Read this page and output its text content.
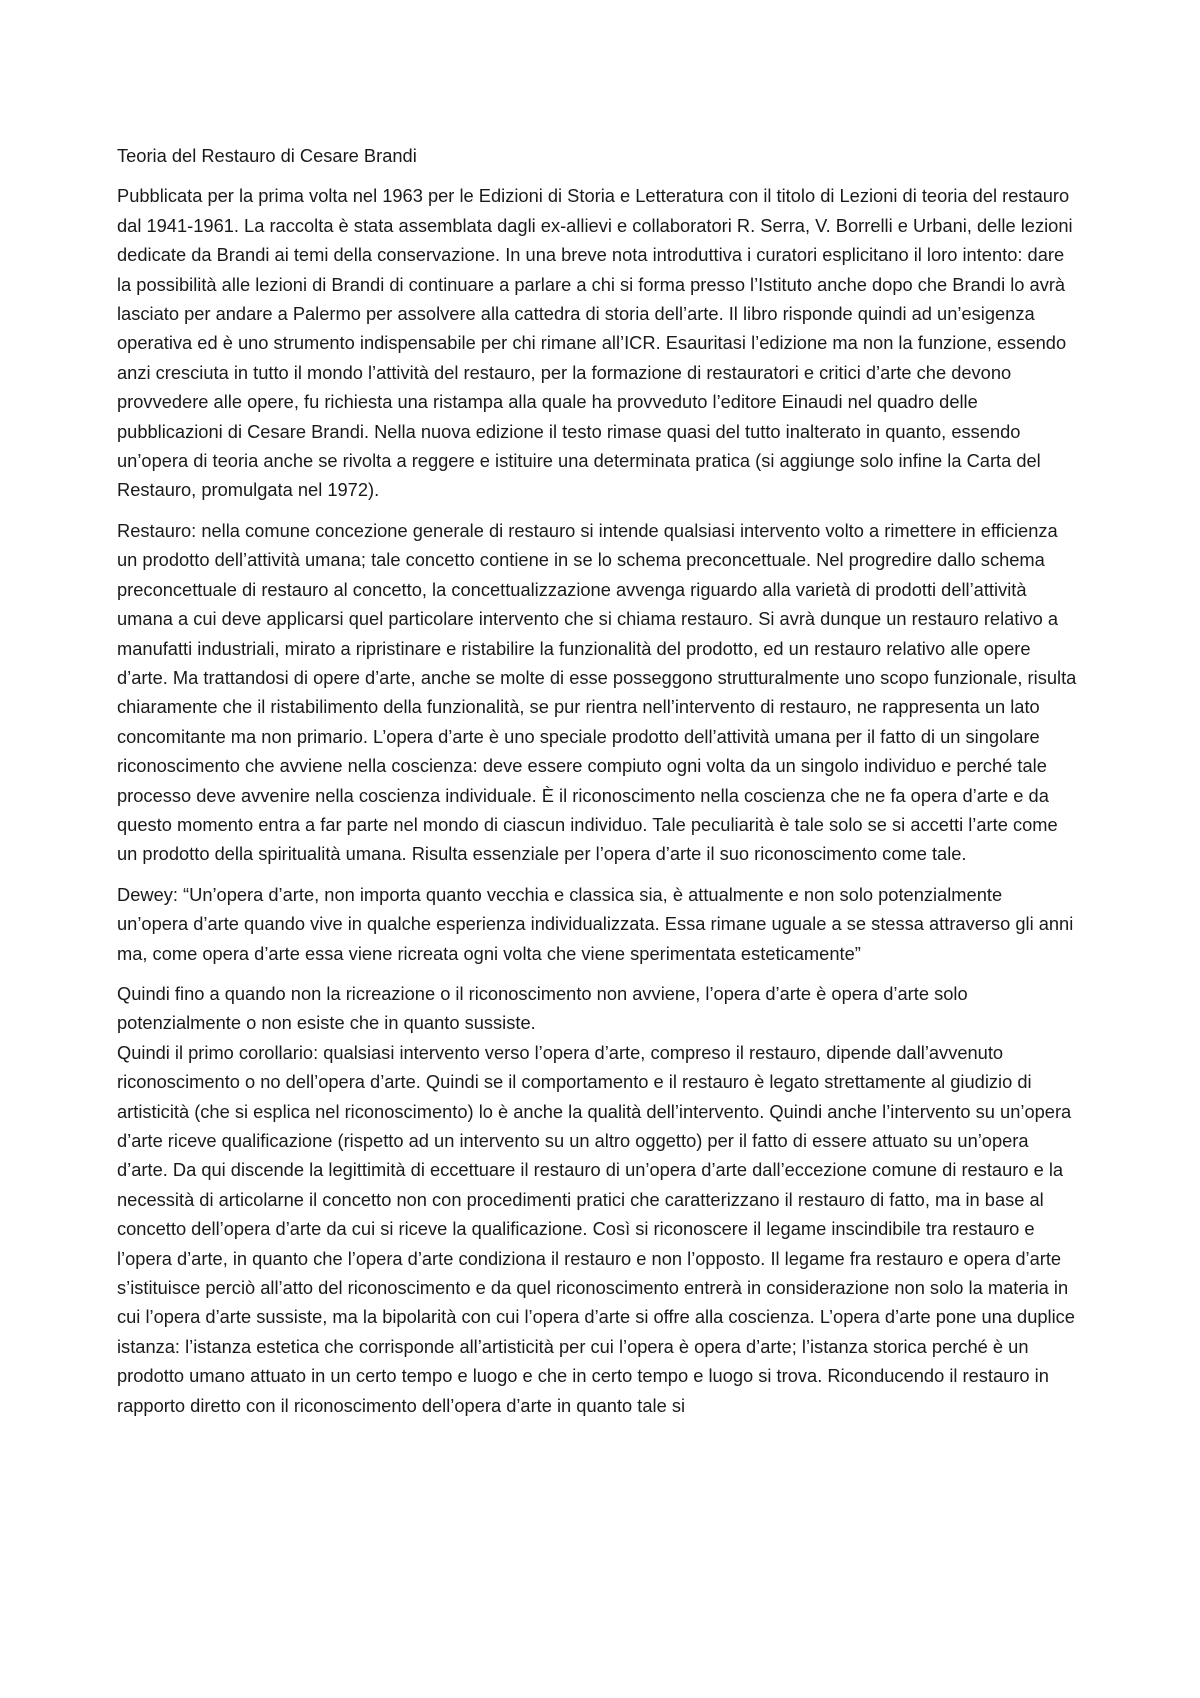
Teoria del Restauro di Cesare Brandi

Pubblicata per la prima volta nel 1963 per le Edizioni di Storia e Letteratura con il titolo di Lezioni di teoria del restauro dal 1941-1961. La raccolta è stata assemblata dagli ex-allievi e collaboratori R. Serra, V. Borrelli e Urbani, delle lezioni dedicate da Brandi ai temi della conservazione. In una breve nota introduttiva i curatori esplicitano il loro intento: dare la possibilità alle lezioni di Brandi di continuare a parlare a chi si forma presso l’Istituto anche dopo che Brandi lo avrà lasciato per andare a Palermo per assolvere alla cattedra di storia dell’arte. Il libro risponde quindi ad un’esigenza operativa ed è uno strumento indispensabile per chi rimane all’ICR. Esauritasi l’edizione ma non la funzione, essendo anzi cresciuta in tutto il mondo l’attività del restauro, per la formazione di restauratori e critici d’arte che devono provvedere alle opere, fu richiesta una ristampa alla quale ha provveduto l’editore Einaudi nel quadro delle pubblicazioni di Cesare Brandi. Nella nuova edizione il testo rimase quasi del tutto inalterato in quanto, essendo un’opera di teoria anche se rivolta a reggere e istituire una determinata pratica (si aggiunge solo infine la Carta del Restauro, promulgata nel 1972).

Restauro: nella comune concezione generale di restauro si intende qualsiasi intervento volto a rimettere in efficienza un prodotto dell’attività umana; tale concetto contiene in se lo schema preconcettuale. Nel progredire dallo schema preconcettuale di restauro al concetto, la concettualizzazione avvenga riguardo alla varietà di prodotti dell’attività umana a cui deve applicarsi quel particolare intervento che si chiama restauro. Si avrà dunque un restauro relativo a manufatti industriali, mirato a ripristinare e ristabilire la funzionalità del prodotto, ed un restauro relativo alle opere d’arte. Ma trattandosi di opere d’arte, anche se molte di esse posseggono strutturalmente uno scopo funzionale, risulta chiaramente che il ristabilimento della funzionalità, se pur rientra nell’intervento di restauro, ne rappresenta un lato concomitante ma non primario. L’opera d’arte è uno speciale prodotto dell’attività umana per il fatto di un singolare riconoscimento che avviene nella coscienza: deve essere compiuto ogni volta da un singolo individuo e perché tale processo deve avvenire nella coscienza individuale. È il riconoscimento nella coscienza che ne fa opera d’arte e da questo momento entra a far parte nel mondo di ciascun individuo. Tale peculiarità è tale solo se si accetti l’arte come un prodotto della spiritualità umana. Risulta essenziale per l’opera d’arte il suo riconoscimento come tale.

Dewey: “Un’opera d’arte, non importa quanto vecchia e classica sia, è attualmente e non solo potenzialmente un’opera d’arte quando vive in qualche esperienza individualizzata. Essa rimane uguale a se stessa attraverso gli anni ma, come opera d’arte essa viene ricreata ogni volta che viene sperimentata esteticamente”

Quindi fino a quando non la ricreazione o il riconoscimento non avviene, l’opera d’arte è opera d’arte solo potenzialmente o non esiste che in quanto sussiste.

Quindi il primo corollario: qualsiasi intervento verso l’opera d’arte, compreso il restauro, dipende dall’avvenuto riconoscimento o no dell’opera d’arte. Quindi se il comportamento e il restauro è legato strettamente al giudizio di artisticità (che si esplica nel riconoscimento) lo è anche la qualità dell’intervento. Quindi anche l’intervento su un’opera d’arte riceve qualificazione (rispetto ad un intervento su un altro oggetto) per il fatto di essere attuato su un’opera d’arte. Da qui discende la legittimità di eccettuare il restauro di un’opera d’arte dall’eccezione comune di restauro e la necessità di articolarne il concetto non con procedimenti pratici che caratterizzano il restauro di fatto, ma in base al concetto dell’opera d’arte da cui si riceve la qualificazione. Così si riconoscere il legame inscindibile tra restauro e l’opera d’arte, in quanto che l’opera d’arte condiziona il restauro e non l’opposto. Il legame fra restauro e opera d’arte s’istituisce perciò all’atto del riconoscimento e da quel riconoscimento entrerà in considerazione non solo la materia in cui l’opera d’arte sussiste, ma la bipolarità con cui l’opera d’arte si offre alla coscienza. L’opera d’arte pone una duplice istanza: l’istanza estetica che corrisponde all’artisticità per cui l’opera è opera d’arte; l’istanza storica perché è un prodotto umano attuato in un certo tempo e luogo e che in certo tempo e luogo si trova. Riconducendo il restauro in rapporto diretto con il riconoscimento dell’opera d’arte in quanto tale si
